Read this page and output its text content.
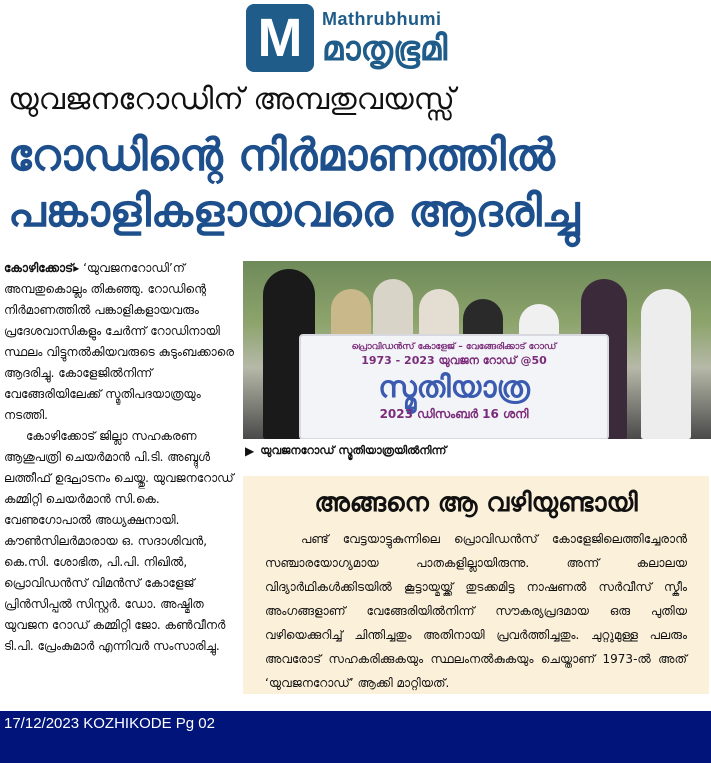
M	Mathrubhumi
മാതൃഭൂമി
യുവജനറോഡിന് അമ്പതുവയസ്സ്
റോഡിന്റെ നിർമാണത്തിൽ
പങ്കാളികളായവരെ ആദരിച്ചു

കോഴിക്കോട്▸ ‘യുവജനറോഡി’ന് അമ്പതുകൊല്ലം തികഞ്ഞു. റോഡിന്റെ നിർമാണത്തിൽ പങ്കാളികളായവരും പ്രദേശവാസികളും ചേർന്ന് റോഡിനായി സ്ഥലം വിട്ടുനൽകിയവരുടെ കുടുംബക്കാരെ ആദരിച്ചു. കോളേജിൽനിന്ന് വേങ്ങേരിയിലേക്ക് സ്മൃതിപദയാത്രയും നടത്തി.

കോഴിക്കോട് ജില്ലാ സഹകരണ ആശുപത്രി ചെയർമാൻ പി.ടി. അബ്ദുൾ ലത്തീഫ് ഉദ്ഘാടനം ചെയ്തു. യുവജനറോഡ് കമ്മിറ്റി ചെയർമാൻ സി.കെ. വേണുഗോപാൽ അധ്യക്ഷനായി. കൗൺസിലർമാരായ ഒ. സദാശിവൻ, കെ.സി. ശോഭിത, പി.പി. നിഖിൽ, പ്രൊവിഡൻസ് വിമൻസ് കോളേജ് പ്രിൻസിപ്പൽ സിസ്റ്റർ. ഡോ. അഷ്മിത യുവജന റോഡ് കമ്മിറ്റി ജോ. കൺവീനർ ടി.പി. പ്രേംകുമാർ എന്നിവർ സംസാരിച്ചു.

പ്രൊവിഡൻസ് കോളേജ് – വേങ്ങേരിക്കാട് റോഡ്
1973 - 2023 യുവജന റോഡ് @50
സ്മൃതിയാത്ര
2023 ഡിസംബർ 16 ശനി
▶ യുവജനറോഡ് സ്മൃതിയാത്രയിൽനിന്ന്
അങ്ങനെ ആ വഴിയുണ്ടായി
പണ്ട് വേട്ടയാട്ടുകുന്നിലെ പ്രൊവിഡൻസ് കോളേജിലെത്തിച്ചേരാൻ സഞ്ചാരയോഗ്യമായ പാതകളില്ലായിരുന്നു. അന്ന് കലാലയ വിദ്യാർഥികൾക്കിടയിൽ കൂട്ടായ്മയ്ക്ക് തുടക്കമിട്ട നാഷണൽ സർവീസ് സ്കീം അംഗങ്ങളാണ് വേങ്ങേരിയിൽനിന്ന് സൗകര്യപ്രദമായ ഒരു പുതിയ വഴിയെക്കുറിച്ച് ചിന്തിച്ചതും അതിനായി പ്രവർത്തിച്ചതും. ചുറ്റുമുള്ള പലരും അവരോട് സഹകരിക്കുകയും സ്ഥലംനൽകുകയും ചെയ്താണ് 1973-ൽ അത് ‘യുവജനറോഡ്’ ആക്കി മാറ്റിയത്.
17/12/2023 KOZHIKODE Pg 02
